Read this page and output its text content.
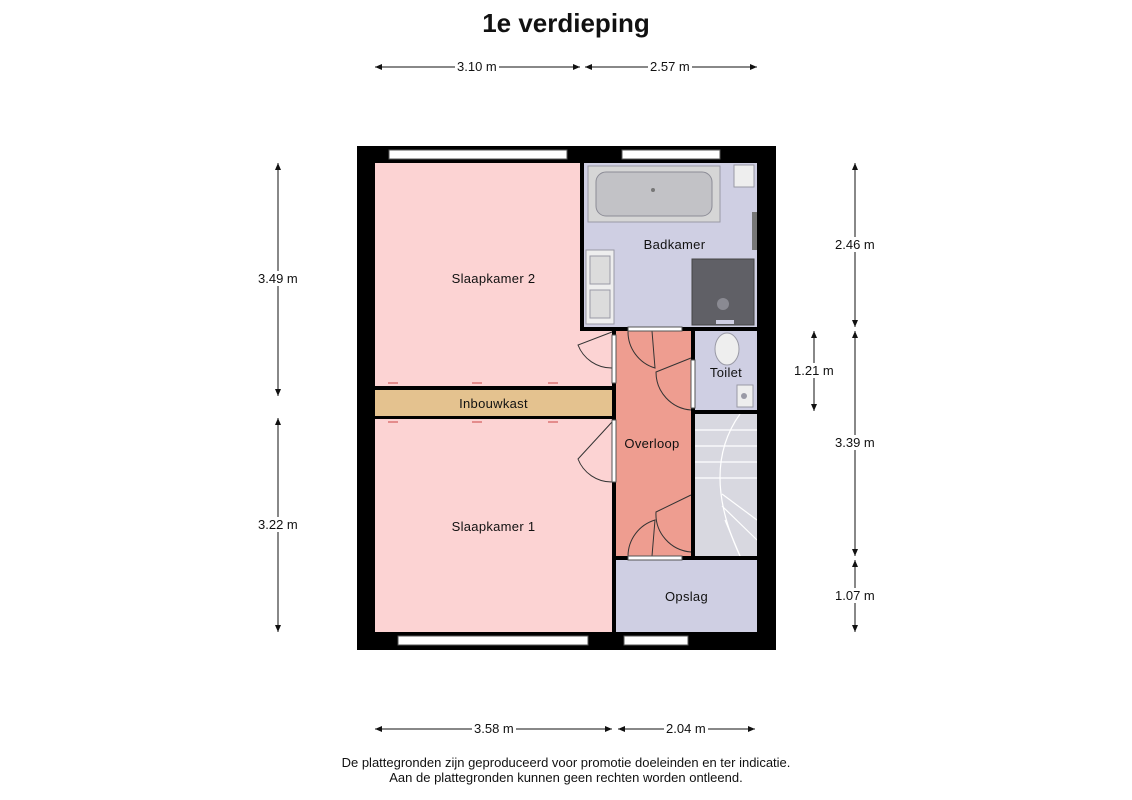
1e verdieping
3.10 m	2.57 m
3.58 m	2.04 m
3.49 m
3.22 m
2.46 m
1.21 m
3.39 m
1.07 m
Slaapkamer 2
Badkamer
Inbouwkast
Toilet
Overloop
Slaapkamer 1
Opslag
De plattegronden zijn geproduceerd voor promotie doeleinden en ter indicatie.
Aan de plattegronden kunnen geen rechten worden ontleend.
